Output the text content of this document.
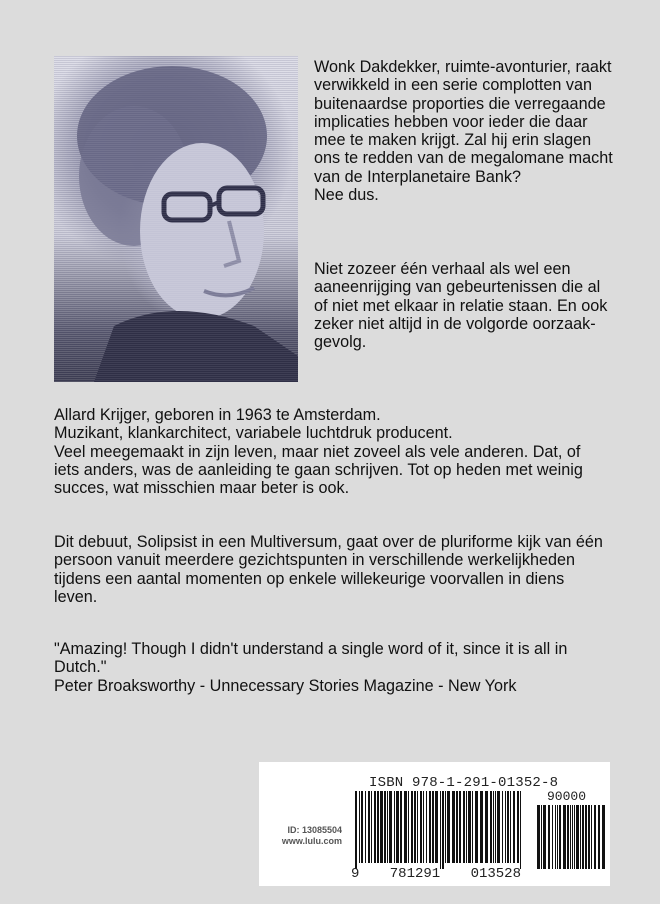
Wonk Dakdekker, ruimte-avonturier, raakt verwikkeld in een serie complotten van buitenaardse proporties die verregaande implicaties hebben voor ieder die daar mee te maken krijgt. Zal hij erin slagen ons te redden van de megalomane macht van de Interplanetaire Bank?

Nee dus.

Niet zozeer één verhaal als wel een aaneenrijging van gebeurtenissen die al of niet met elkaar in relatie staan. En ook zeker niet altijd in de volgorde oorzaak-gevolg.

Allard Krijger, geboren in 1963 te Amsterdam.

Muzikant, klankarchitect, variabele luchtdruk producent.

Veel meegemaakt in zijn leven, maar niet zoveel als vele anderen. Dat, of iets anders, was de aanleiding te gaan schrijven. Tot op heden met weinig succes, wat misschien maar beter is ook.

Dit debuut, Solipsist in een Multiversum, gaat over de pluriforme kijk van één persoon vanuit meerdere gezichtspunten in verschillende werkelijkheden tijdens een aantal momenten op enkele willekeurige voorvallen in diens leven.

"Amazing! Though I didn't understand a single word of it, since it is all in Dutch."

Peter Broaksworthy - Unnecessary Stories Magazine - New York

ISBN 978-1-291-01352-8
90000
ID: 13085504
www.lulu.com
9 781291 013528
